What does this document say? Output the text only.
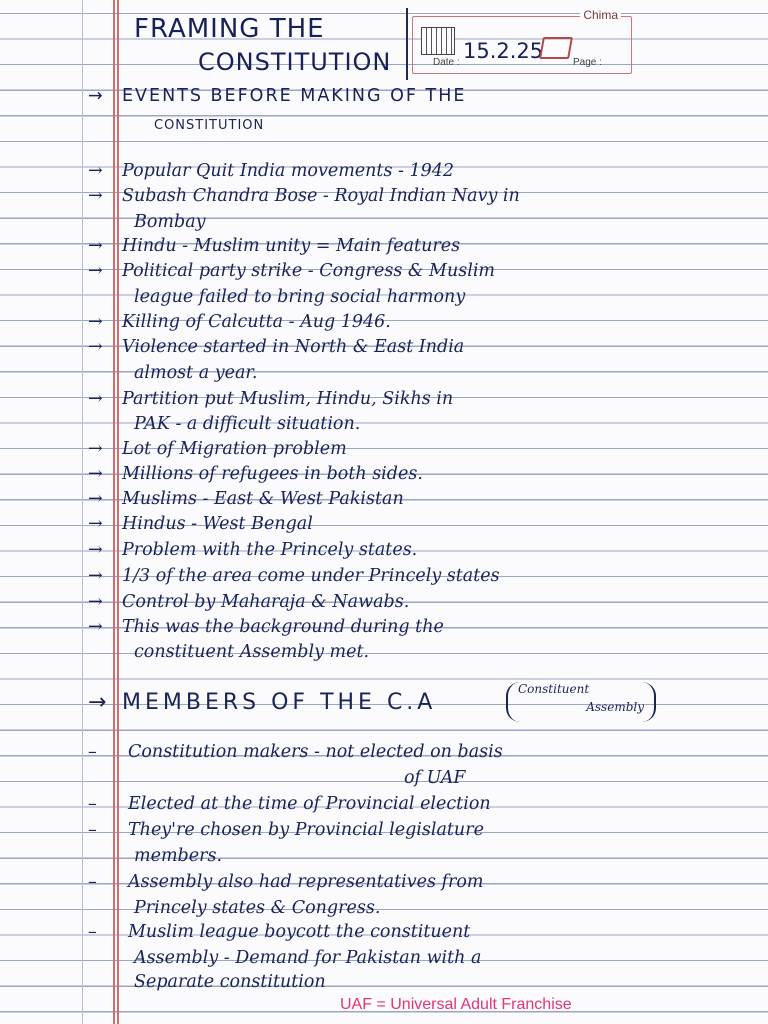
FRAMING THE
CONSTITUTION
Chima
Date : 15.2.25	Page :
→ EVENTS BEFORE MAKING OF THE
CONSTITUTION
→ Popular Quit India movements - 1942
→ Subash Chandra Bose - Royal Indian Navy in
Bombay
→ Hindu - Muslim unity = Main features
→ Political party strike - Congress & Muslim
league failed to bring social harmony
→ Killing of Calcutta - Aug 1946.
→ Violence started in North & East India
almost a year.
→ Partition put Muslim, Hindu, Sikhs in
PAK - a difficult situation.
→ Lot of Migration problem
→ Millions of refugees in both sides.
→ Muslims - East & West Pakistan
→ Hindus - West Bengal
→ Problem with the Princely states.
→ 1/3 of the area come under Princely states
→ Control by Maharaja & Nawabs.
→ This was the background during the
constituent Assembly met.
→ MEMBERS OF THE C.A
Constituent
Assembly
– Constitution makers - not elected on basis
of UAF
– Elected at the time of Provincial election
– They're chosen by Provincial legislature
members.
– Assembly also had representatives from
Princely states & Congress.
– Muslim league boycott the constituent
Assembly - Demand for Pakistan with a
Separate constitution
UAF = Universal Adult Franchise
